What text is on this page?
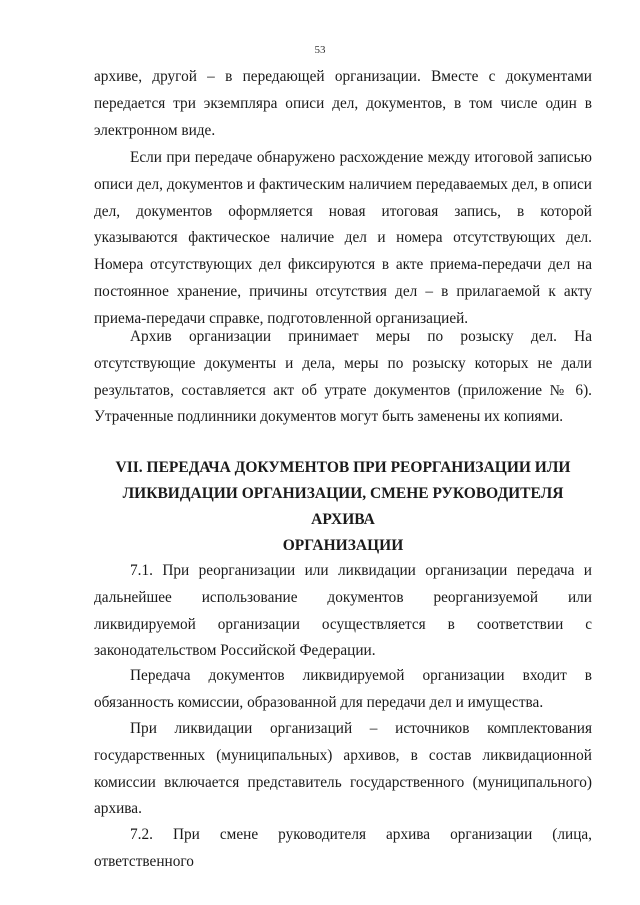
53

архиве, другой – в передающей организации. Вместе с документами передается три экземпляра описи дел, документов, в том числе один в электронном виде.

Если при передаче обнаружено расхождение между итоговой записью описи дел, документов и фактическим наличием передаваемых дел, в описи дел, документов оформляется новая итоговая запись, в которой указываются фактическое наличие дел и номера отсутствующих дел. Номера отсутствующих дел фиксируются в акте приема-передачи дел на постоянное хранение, причины отсутствия дел – в прилагаемой к акту приема-передачи справке, подготовленной организацией.

Архив организации принимает меры по розыску дел. На отсутствующие документы и дела, меры по розыску которых не дали результатов, составляется акт об утрате документов (приложение № 6). Утраченные подлинники документов могут быть заменены их копиями.

VII. ПЕРЕДАЧА ДОКУМЕНТОВ ПРИ РЕОРГАНИЗАЦИИ ИЛИ
ЛИКВИДАЦИИ ОРГАНИЗАЦИИ, СМЕНЕ РУКОВОДИТЕЛЯ АРХИВА
ОРГАНИЗАЦИИ

7.1. При реорганизации или ликвидации организации передача и дальнейшее использование документов реорганизуемой или ликвидируемой организации осуществляется в соответствии с законодательством Российской Федерации.

Передача документов ликвидируемой организации входит в обязанность комиссии, образованной для передачи дел и имущества.

При ликвидации организаций – источников комплектования государственных (муниципальных) архивов, в состав ликвидационной комиссии включается представитель государственного (муниципального) архива.

7.2. При смене руководителя архива организации (лица, ответственного
